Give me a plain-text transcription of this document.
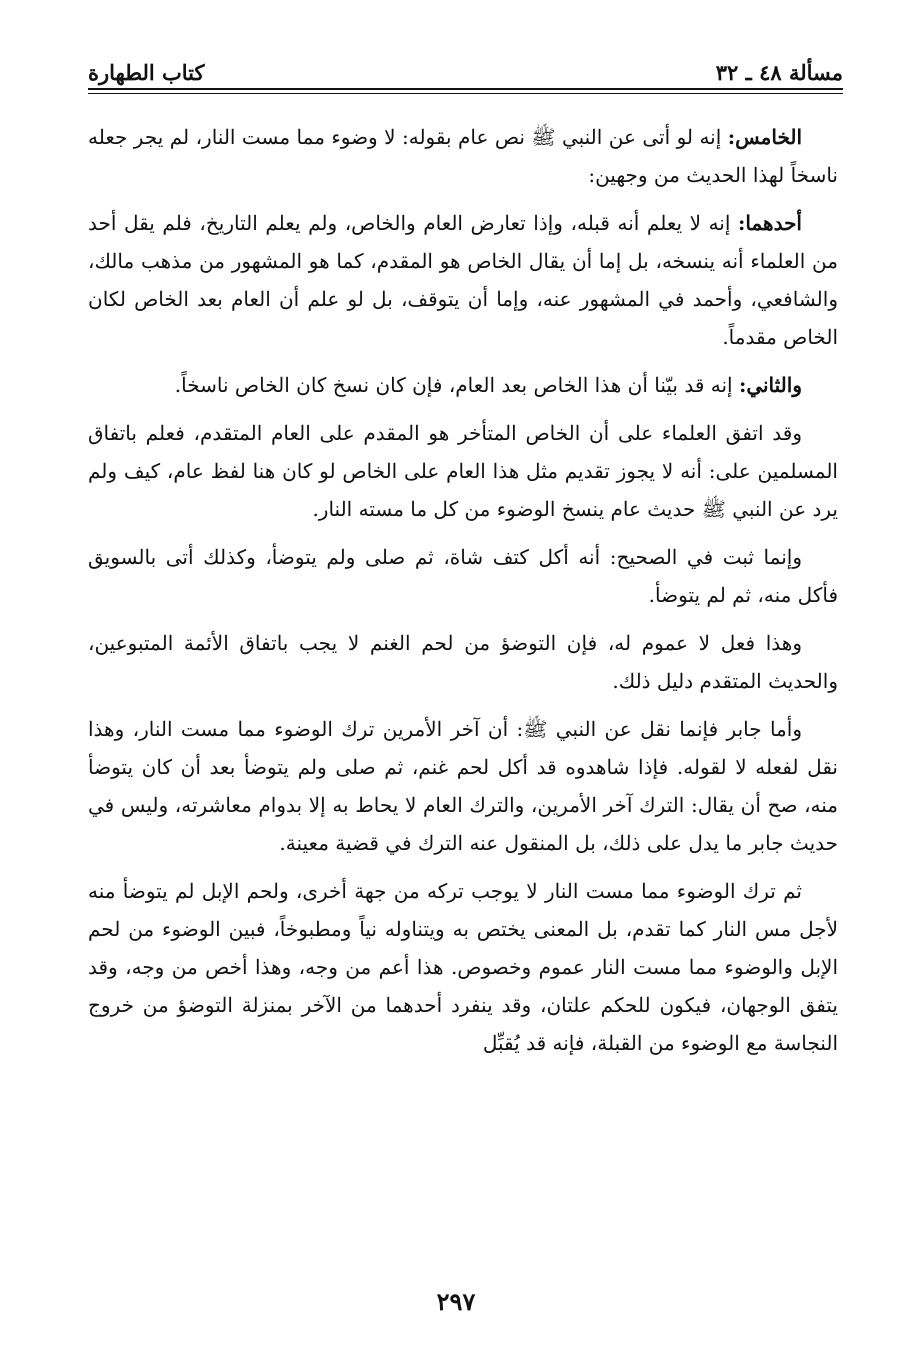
مسألة ٤٨ ـ ٣٢
كتاب الطهارة

الخامس: إنه لو أتى عن النبي ﷺ نص عام بقوله: لا وضوء مما مست النار، لم يجر جعله ناسخاً لهذا الحديث من وجهين:

أحدهما: إنه لا يعلم أنه قبله، وإذا تعارض العام والخاص، ولم يعلم التاريخ، فلم يقل أحد من العلماء أنه ينسخه، بل إما أن يقال الخاص هو المقدم، كما هو المشهور من مذهب مالك، والشافعي، وأحمد في المشهور عنه، وإما أن يتوقف، بل لو علم أن العام بعد الخاص لكان الخاص مقدماً.

والثاني: إنه قد بيّنا أن هذا الخاص بعد العام، فإن كان نسخ كان الخاص ناسخاً.

وقد اتفق العلماء على أن الخاص المتأخر هو المقدم على العام المتقدم، فعلم باتفاق المسلمين على: أنه لا يجوز تقديم مثل هذا العام على الخاص لو كان هنا لفظ عام، كيف ولم يرد عن النبي ﷺ حديث عام ينسخ الوضوء من كل ما مسته النار.

وإنما ثبت في الصحيح: أنه أكل كتف شاة، ثم صلى ولم يتوضأ، وكذلك أتى بالسويق فأكل منه، ثم لم يتوضأ.

وهذا فعل لا عموم له، فإن التوضؤ من لحم الغنم لا يجب باتفاق الأئمة المتبوعين، والحديث المتقدم دليل ذلك.

وأما جابر فإنما نقل عن النبي ﷺ: أن آخر الأمرين ترك الوضوء مما مست النار، وهذا نقل لفعله لا لقوله. فإذا شاهدوه قد أكل لحم غنم، ثم صلى ولم يتوضأ بعد أن كان يتوضأ منه، صح أن يقال: الترك آخر الأمرين، والترك العام لا يحاط به إلا بدوام معاشرته، وليس في حديث جابر ما يدل على ذلك، بل المنقول عنه الترك في قضية معينة.

ثم ترك الوضوء مما مست النار لا يوجب تركه من جهة أخرى، ولحم الإبل لم يتوضأ منه لأجل مس النار كما تقدم، بل المعنى يختص به ويتناوله نياً ومطبوخاً، فبين الوضوء من لحم الإبل والوضوء مما مست النار عموم وخصوص. هذا أعم من وجه، وهذا أخص من وجه، وقد يتفق الوجهان، فيكون للحكم علتان، وقد ينفرد أحدهما من الآخر بمنزلة التوضؤ من خروج النجاسة مع الوضوء من القبلة، فإنه قد يُقبِّل

٢٩٧
